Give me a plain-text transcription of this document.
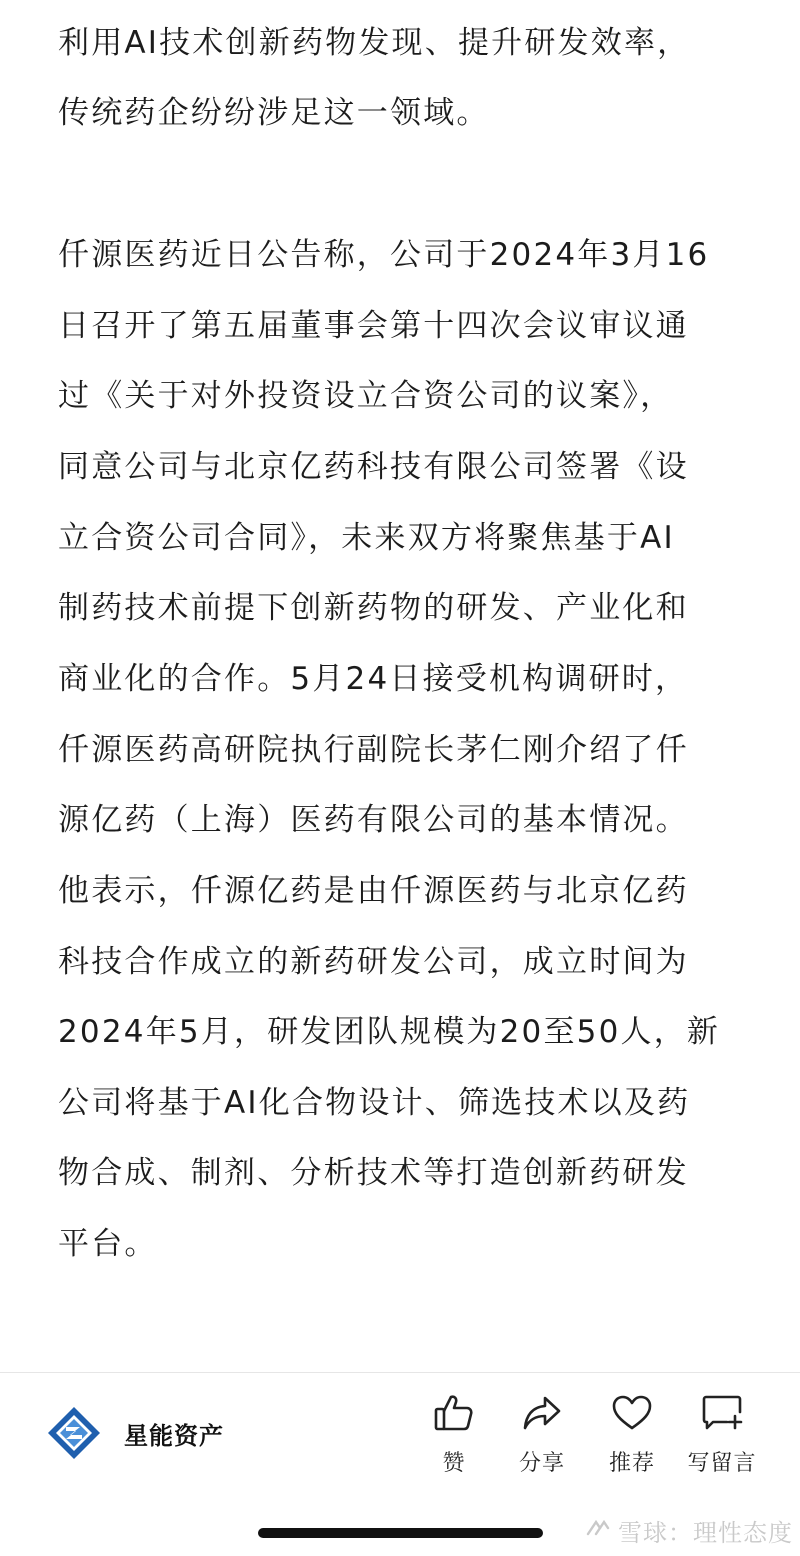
利用AI技术创新药物发现、提升研发效率，
传统药企纷纷涉足这一领域。
仟源医药近日公告称，公司于2024年3月16
日召开了第五届董事会第十四次会议审议通
过《关于对外投资设立合资公司的议案》，
同意公司与北京亿药科技有限公司签署《设
立合资公司合同》，未来双方将聚焦基于AI
制药技术前提下创新药物的研发、产业化和
商业化的合作。5月24日接受机构调研时，
仟源医药高研院执行副院长茅仁刚介绍了仟
源亿药（上海）医药有限公司的基本情况。
他表示，仟源亿药是由仟源医药与北京亿药
科技合作成立的新药研发公司，成立时间为
2024年5月，研发团队规模为20至50人，新
公司将基于AI化合物设计、筛选技术以及药
物合成、制剂、分析技术等打造创新药研发
平台。
星能资产
赞	分享	推荐	写留言
雪球：理性态度
